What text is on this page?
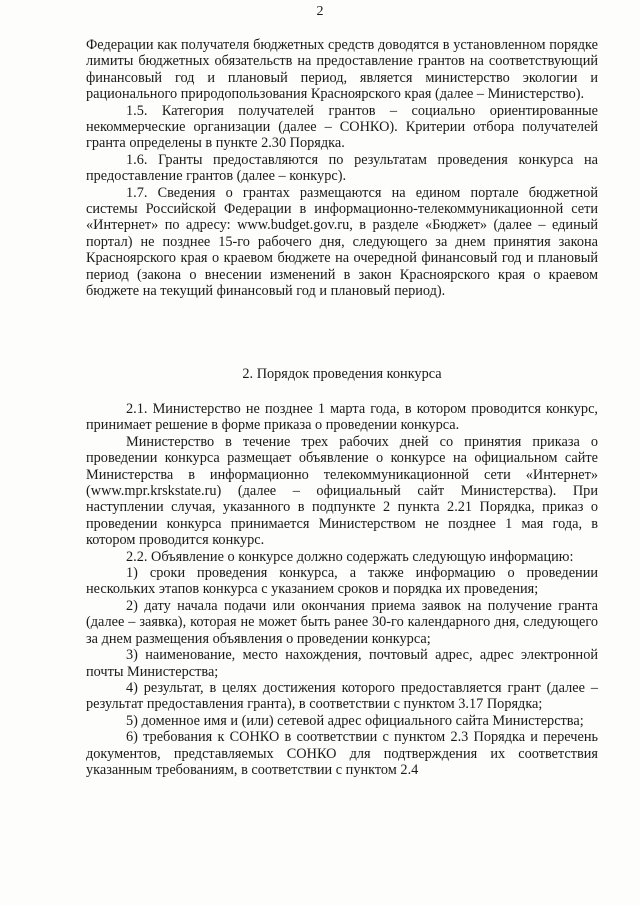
2

Федерации как получателя бюджетных средств доводятся в установленном порядке лимиты бюджетных обязательств на предоставление грантов на соответствующий финансовый год и плановый период, является министерство экологии и рационального природопользования Красноярского края (далее – Министерство).

1.5. Категория получателей грантов – социально ориентированные некоммерческие организации (далее – СОНКО). Критерии отбора получателей гранта определены в пункте 2.30 Порядка.

1.6. Гранты предоставляются по результатам проведения конкурса на предоставление грантов (далее – конкурс).

1.7. Сведения о грантах размещаются на едином портале бюджетной системы Российской Федерации в информационно-телекоммуникационной сети «Интернет» по адресу: www.budget.gov.ru, в разделе «Бюджет» (далее – единый портал) не позднее 15-го рабочего дня, следующего за днем принятия закона Красноярского края о краевом бюджете на очередной финансовый год и плановый период (закона о внесении изменений в закон Красноярского края о краевом бюджете на текущий финансовый год и плановый период).

2. Порядок проведения конкурса

2.1. Министерство не позднее 1 марта года, в котором проводится конкурс, принимает решение в форме приказа о проведении конкурса.

Министерство в течение трех рабочих дней со принятия приказа о проведении конкурса размещает объявление о конкурсе на официальном сайте Министерства в информационно телекоммуникационной сети «Интернет» (www.mpr.krskstate.ru) (далее – официальный сайт Министерства). При наступлении случая, указанного в подпункте 2 пункта 2.21 Порядка, приказ о проведении конкурса принимается Министерством не позднее 1 мая года, в котором проводится конкурс.

2.2. Объявление о конкурсе должно содержать следующую информацию:

1) сроки проведения конкурса, а также информацию о проведении нескольких этапов конкурса с указанием сроков и порядка их проведения;

2) дату начала подачи или окончания приема заявок на получение гранта (далее – заявка), которая не может быть ранее 30-го календарного дня, следующего за днем размещения объявления о проведении конкурса;

3) наименование, место нахождения, почтовый адрес, адрес электронной почты Министерства;

4) результат, в целях достижения которого предоставляется грант (далее – результат предоставления гранта), в соответствии с пунктом 3.17 Порядка;

5) доменное имя и (или) сетевой адрес официального сайта Министерства;

6) требования к СОНКО в соответствии с пунктом 2.3 Порядка и перечень документов, представляемых СОНКО для подтверждения их соответствия указанным требованиям, в соответствии с пунктом 2.4
